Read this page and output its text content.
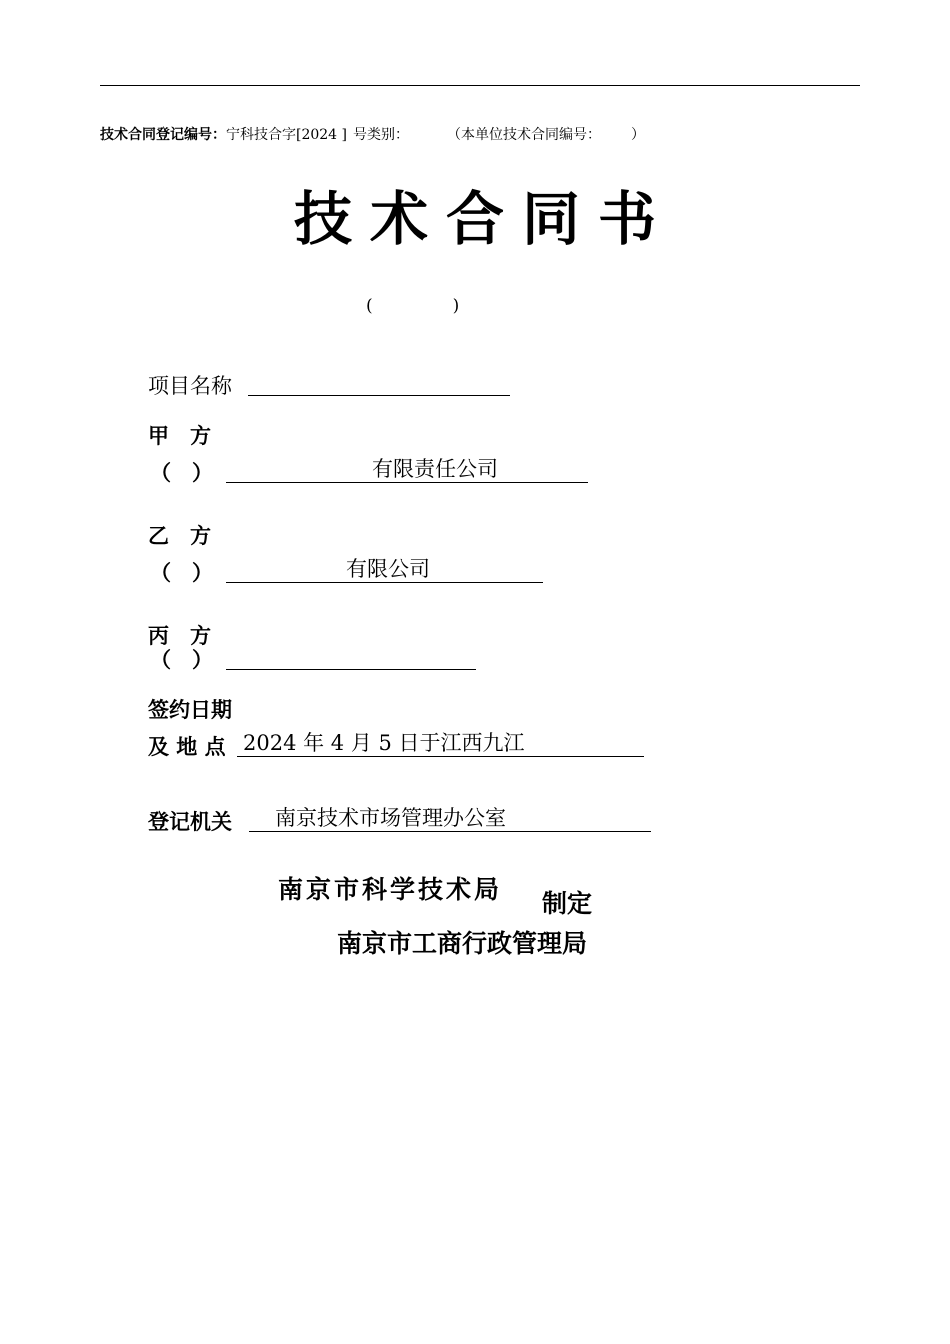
技术合同登记编号：宁科技合字[2024 ] 号类别：	（本单位技术合同编号： ）
技术合同书
(	)
项目名称
甲　方
（　）	有限责任公司
乙　方
（　）	有限公司
丙　方
（　）
签约日期
及 地 点 2024 年 4 月 5 日于江西九江
登记机关 南京技术市场管理办公室
南京市科学技术局 制定
南京市工商行政管理局
